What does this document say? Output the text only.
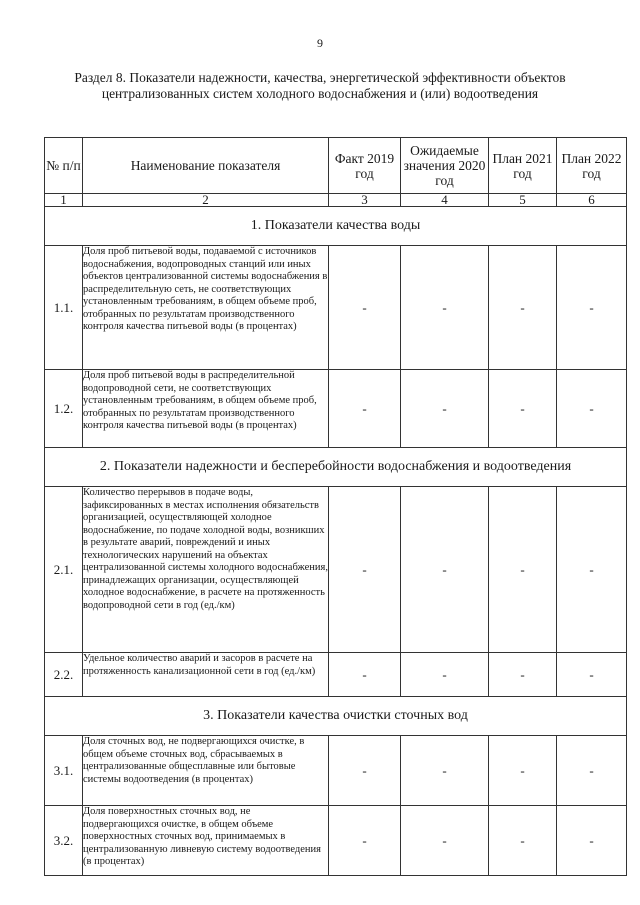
9
Раздел 8. Показатели надежности, качества, энергетической эффективности объектов централизованных систем холодного водоснабжения и (или) водоотведения
№ п/п	Наименование показателя	Факт 2019 год	Ожидаемые значения 2020 год	План 2021 год	План 2022 год
1	2	3	4	5	6
1. Показатели качества воды					
1.1.	Доля проб питьевой воды, подаваемой с источников водоснабжения, водопроводных станций или иных объектов централизованной системы водоснабжения в распределительную сеть, не соответствующих установленным требованиям, в общем объеме проб, отобранных по результатам производственного контроля качества питьевой воды (в процентах)	-	-	-	-
1.2.	Доля проб питьевой воды в распределительной водопроводной сети, не соответствующих установленным требованиям, в общем объеме проб, отобранных по результатам производственного контроля качества питьевой воды (в процентах)	-	-	-	-
2. Показатели надежности и бесперебойности водоснабжения и водоотведения					
2.1.	Количество перерывов в подаче воды, зафиксированных в местах исполнения обязательств организацией, осуществляющей холодное водоснабжение, по подаче холодной воды, возникших в результате аварий, повреждений и иных технологических нарушений на объектах централизованной системы холодного водоснабжения, принадлежащих организации, осуществляющей холодное водоснабжение, в расчете на протяженность водопроводной сети в год (ед./км)	-	-	-	-
2.2.	Удельное количество аварий и засоров в расчете на протяженность канализационной сети в год (ед./км)	-	-	-	-
3. Показатели качества очистки сточных вод					
3.1.	Доля сточных вод, не подвергающихся очистке, в общем объеме сточных вод, сбрасываемых в централизованные общесплавные или бытовые системы водоотведения (в процентах)	-	-	-	-
3.2.	Доля поверхностных сточных вод, не подвергающихся очистке, в общем объеме поверхностных сточных вод, принимаемых в централизованную ливневую систему водоотведения (в процентах)	-	-	-	-
